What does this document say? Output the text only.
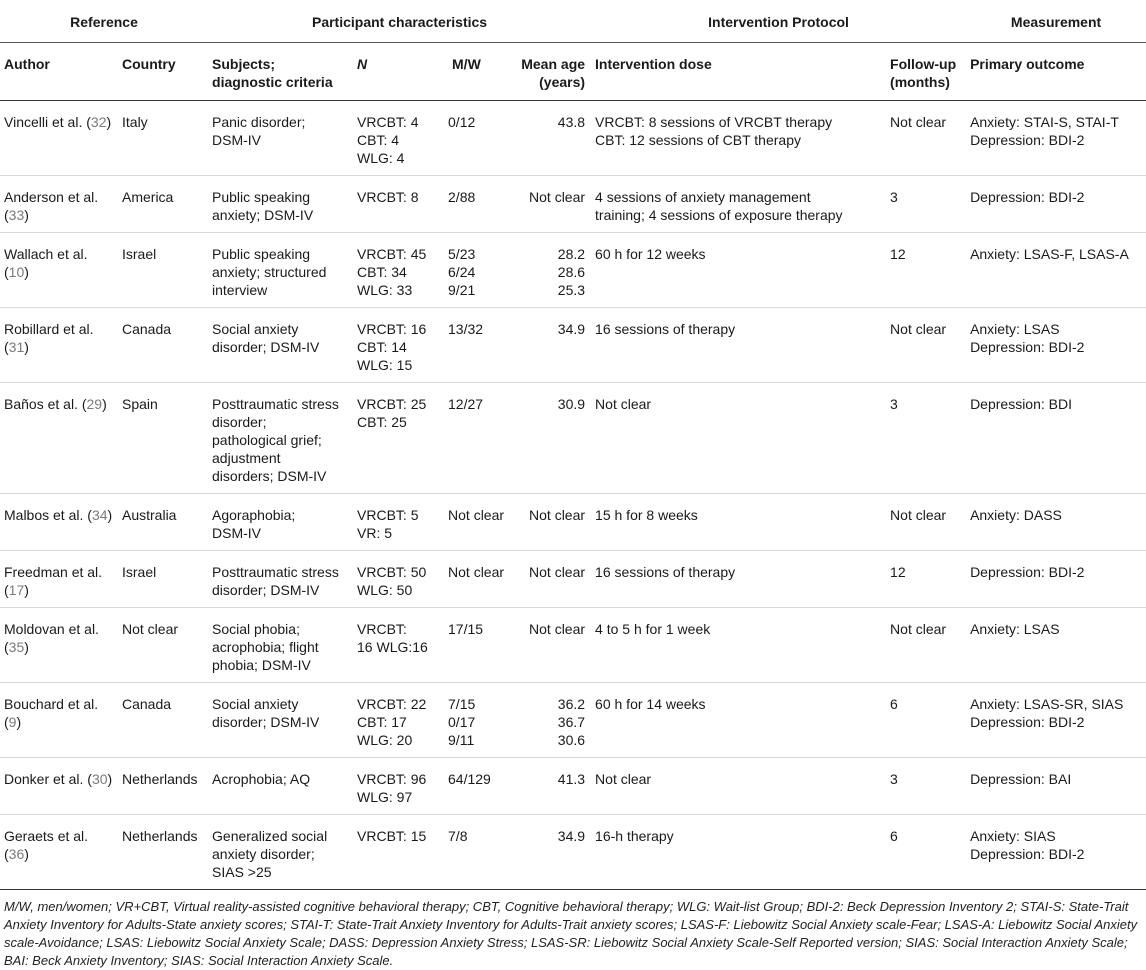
Reference		Participant characteristics				Intervention Protocol		Measurement
Author	Country	Subjects;
diagnostic criteria	N	M/W	Mean age
(years)	Intervention dose	Follow-up
(months)	Primary outcome

Vincelli et al. (32)	Italy	Panic disorder;
DSM-IV	VRCBT: 4
CBT: 4
WLG: 4	0/12	43.8	VRCBT: 8 sessions of VRCBT therapy
CBT: 12 sessions of CBT therapy	Not clear	Anxiety: STAI-S, STAI-T
Depression: BDI-2

Anderson et al.
(33)	America	Public speaking
anxiety; DSM-IV	VRCBT: 8	2/88	Not clear	4 sessions of anxiety management
training; 4 sessions of exposure therapy	3	Depression: BDI-2

Wallach et al.
(10)	Israel	Public speaking
anxiety; structured
interview	VRCBT: 45
CBT: 34
WLG: 33	5/23
6/24
9/21	28.2
28.6
25.3	60 h for 12 weeks	12	Anxiety: LSAS-F, LSAS-A

Robillard et al.
(31)	Canada	Social anxiety
disorder; DSM-IV	VRCBT: 16
CBT: 14
WLG: 15	13/32	34.9	16 sessions of therapy	Not clear	Anxiety: LSAS
Depression: BDI-2

Baños et al. (29)	Spain	Posttraumatic stress
disorder;
pathological grief;
adjustment
disorders; DSM-IV	VRCBT: 25
CBT: 25	12/27	30.9	Not clear	3	Depression: BDI

Malbos et al. (34)	Australia	Agoraphobia;
DSM-IV	VRCBT: 5
VR: 5	Not clear	Not clear	15 h for 8 weeks	Not clear	Anxiety: DASS

Freedman et al.
(17)	Israel	Posttraumatic stress
disorder; DSM-IV	VRCBT: 50
WLG: 50	Not clear	Not clear	16 sessions of therapy	12	Depression: BDI-2

Moldovan et al.
(35)	Not clear	Social phobia;
acrophobia; flight
phobia; DSM-IV	VRCBT:
16 WLG:16	17/15	Not clear	4 to 5 h for 1 week	Not clear	Anxiety: LSAS

Bouchard et al.
(9)	Canada	Social anxiety
disorder; DSM-IV	VRCBT: 22
CBT: 17
WLG: 20	7/15
0/17
9/11	36.2
36.7
30.6	60 h for 14 weeks	6	Anxiety: LSAS-SR, SIAS
Depression: BDI-2

Donker et al. (30)	Netherlands	Acrophobia; AQ	VRCBT: 96
WLG: 97	64/129	41.3	Not clear	3	Depression: BAI

Geraets et al.
(36)	Netherlands	Generalized social
anxiety disorder;
SIAS >25	VRCBT: 15	7/8	34.9	16-h therapy	6	Anxiety: SIAS
Depression: BDI-2
M/W, men/women; VR+CBT, Virtual reality-assisted cognitive behavioral therapy; CBT, Cognitive behavioral therapy; WLG: Wait-list Group; BDI-2: Beck Depression Inventory 2; STAI-S: State-Trait Anxiety Inventory for Adults-State anxiety scores; STAI-T: State-Trait Anxiety Inventory for Adults-Trait anxiety scores; LSAS-F: Liebowitz Social Anxiety scale-Fear; LSAS-A: Liebowitz Social Anxiety scale-Avoidance; LSAS: Liebowitz Social Anxiety Scale; DASS: Depression Anxiety Stress; LSAS-SR: Liebowitz Social Anxiety Scale-Self Reported version; SIAS: Social Interaction Anxiety Scale; BAI: Beck Anxiety Inventory; SIAS: Social Interaction Anxiety Scale.
